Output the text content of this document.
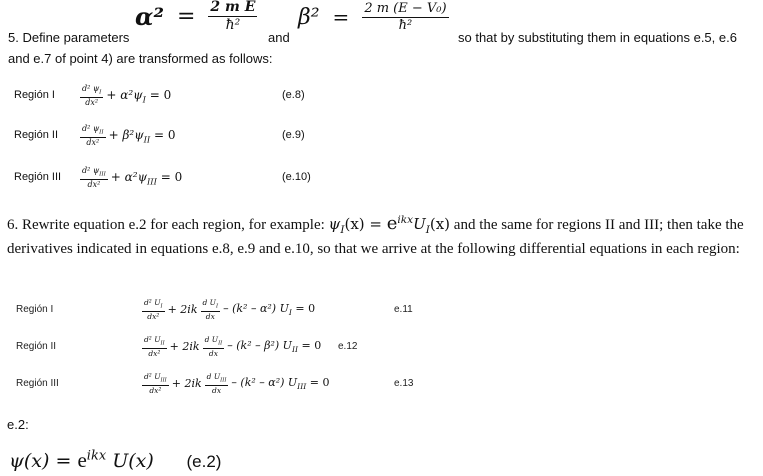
5. Define parameters
$\alpha^2 = \frac{\text{2 m E}}{\text{ħ²}}$
and
$\beta^2 = \frac{\text{2 m (E − V₀)}}{\text{ħ²}}$
so that by substituting them in equations e.5, e.6
and e.7 of point 4) are transformed as follows:
Región I	$\frac{d^2 \psi_I}{\text{dx²}} + \alpha^2\psi_I = 0$	(e.8)
Región II	$\frac{d^2 \psi_{II}}{\text{dx²}} + \beta^2\psi_{II} = 0$	(e.9)
Región III $\frac{d^2 \psi_{III}}{\text{dx²}} + \alpha^2\psi_{III} = 0$	(e.10)
6. Rewrite equation e.2 for each region, for example: $\psi_I(x) = e^{ikx}U_I(x)$ and the same for regions II and III; then take the derivatives indicated in equations e.8, e.9 and e.10, so that we arrive at the following differential equations in each region:
Región I	$\frac{d^2 U_I}{\text{dx²}} + 2ik \frac{d U_I}{dx} - (k^2 - \alpha^2) U_I = 0$	e.11
Región II	$\frac{d^2 U_{II}}{\text{dx²}} + 2ik \frac{d U_{II}}{dx} - (k^2 - \beta^2) U_{II} = 0$ e.12
Región III	$\frac{d^2 U_{III}}{\text{dx²}} + 2ik \frac{d U_{III}}{dx} - (k^2 - \alpha^2) U_{III} = 0$	e.13
e.2:
$\psi(x) = e^{ikx}$ U(x) (e.2)
